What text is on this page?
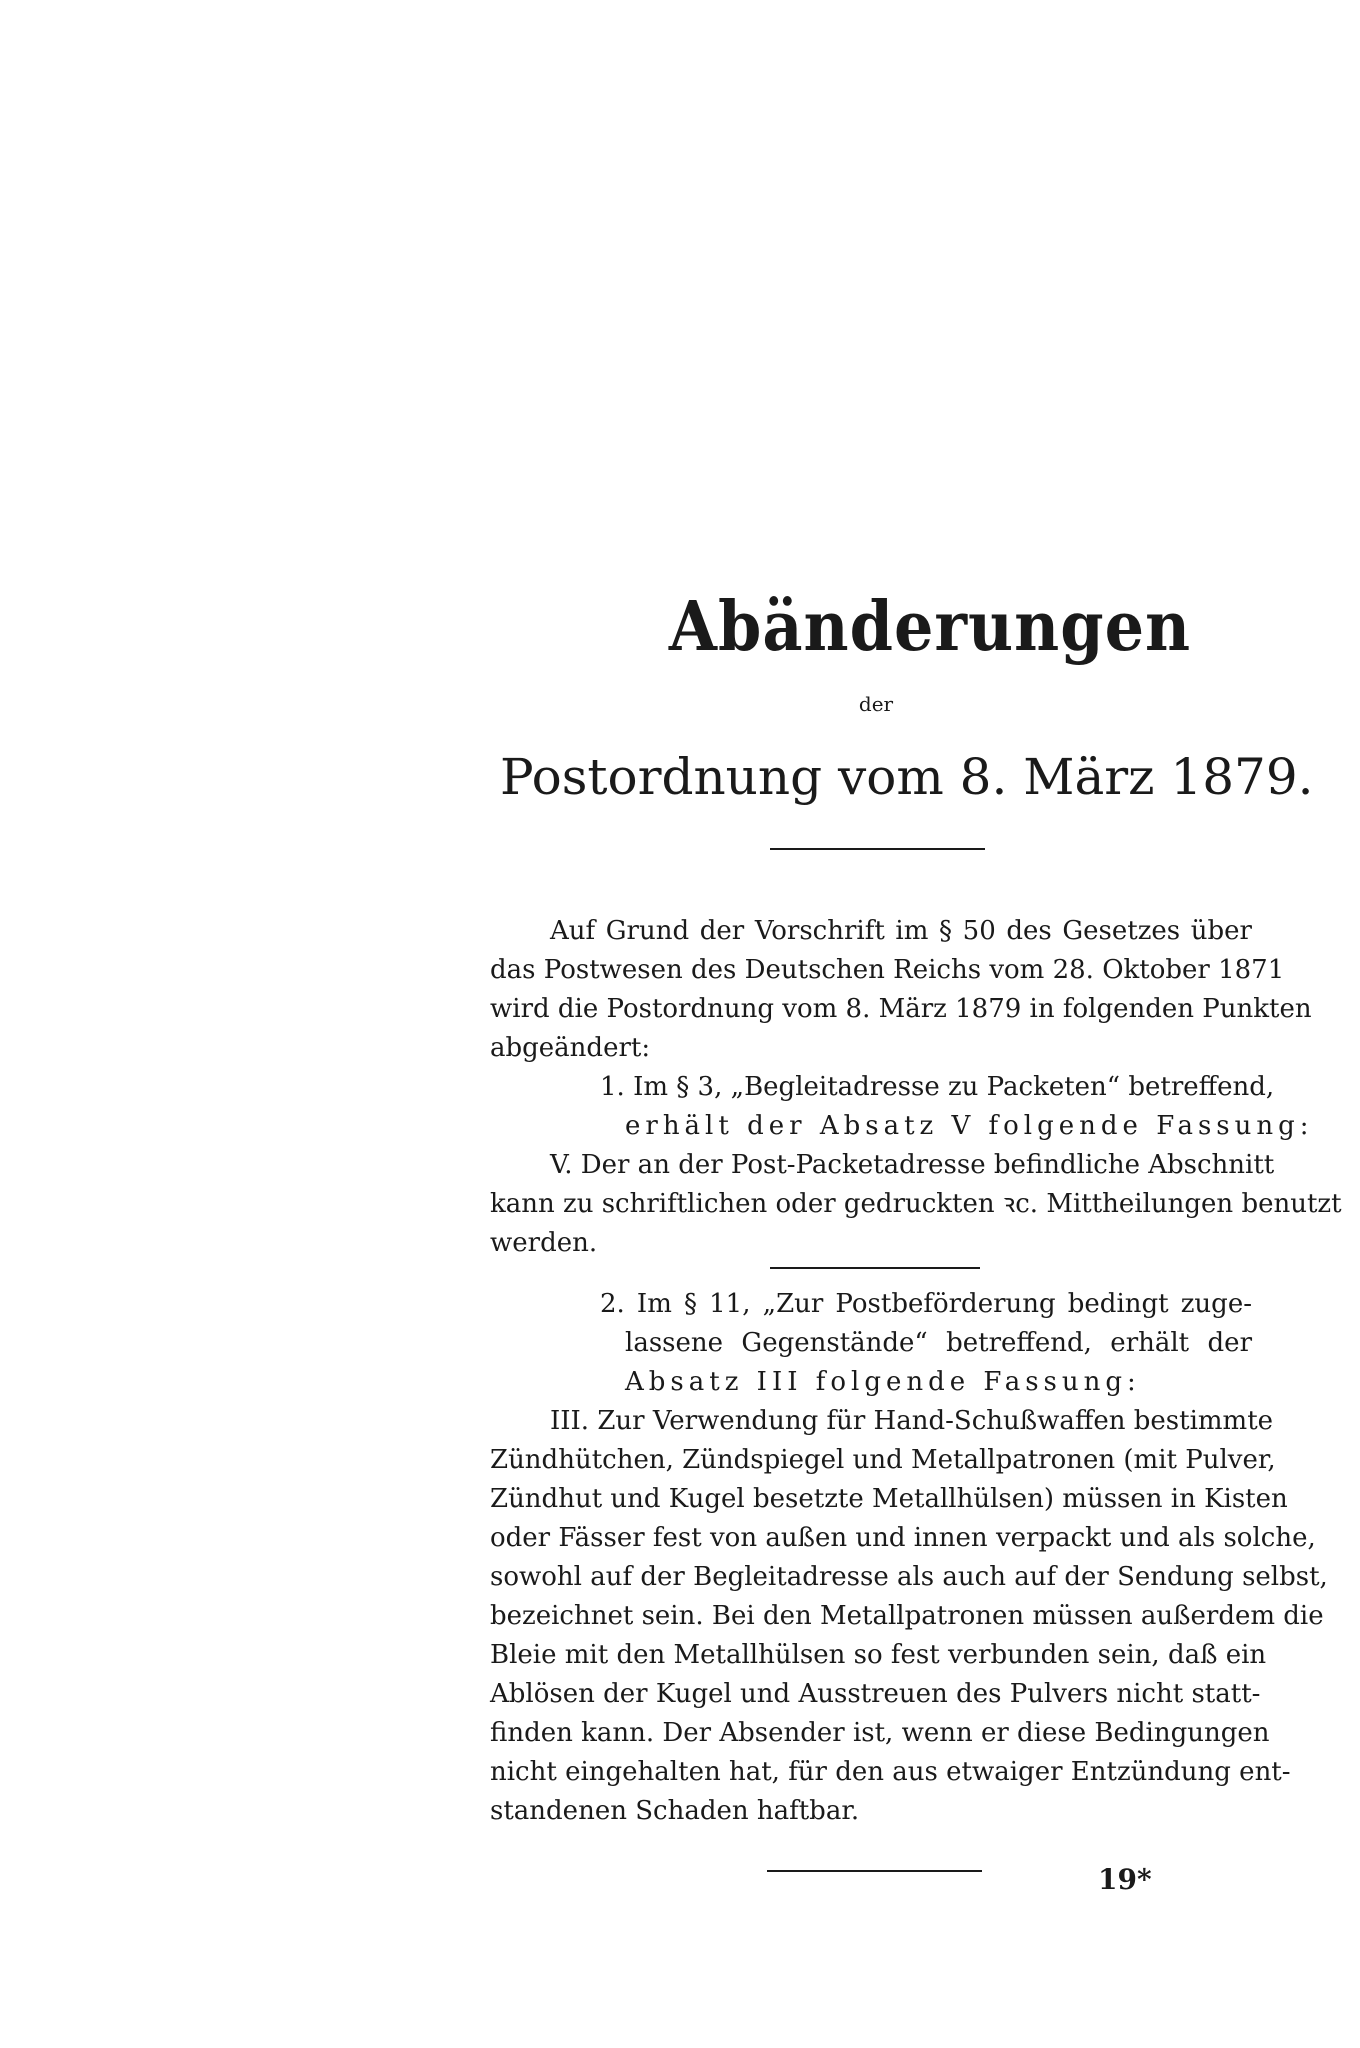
Abänderungen
der
Postordnung vom 8. März 1879.
Auf Grund der Vorschrift im § 50 des Gesetzes über
das Postwesen des Deutschen Reichs vom 28. Oktober 1871
wird die Postordnung vom 8. März 1879 in folgenden Punkten
abgeändert:
1. Im § 3, „Begleitadresse zu Packeten“ betreffend,
erhält der Absatz V folgende Fassung:
V. Der an der Post-Packetadresse befindliche Abschnitt
kann zu schriftlichen oder gedruckten ꝛc. Mittheilungen benutzt
werden.
2. Im § 11, „Zur Postbeförderung bedingt zuge-
lassene Gegenstände“ betreffend, erhält der
Absatz III folgende Fassung:
III. Zur Verwendung für Hand-Schußwaffen bestimmte
Zündhütchen, Zündspiegel und Metallpatronen (mit Pulver,
Zündhut und Kugel besetzte Metallhülsen) müssen in Kisten
oder Fässer fest von außen und innen verpackt und als solche,
sowohl auf der Begleitadresse als auch auf der Sendung selbst,
bezeichnet sein. Bei den Metallpatronen müssen außerdem die
Bleie mit den Metallhülsen so fest verbunden sein, daß ein
Ablösen der Kugel und Ausstreuen des Pulvers nicht statt-
finden kann. Der Absender ist, wenn er diese Bedingungen
nicht eingehalten hat, für den aus etwaiger Entzündung ent-
standenen Schaden haftbar.
19*
